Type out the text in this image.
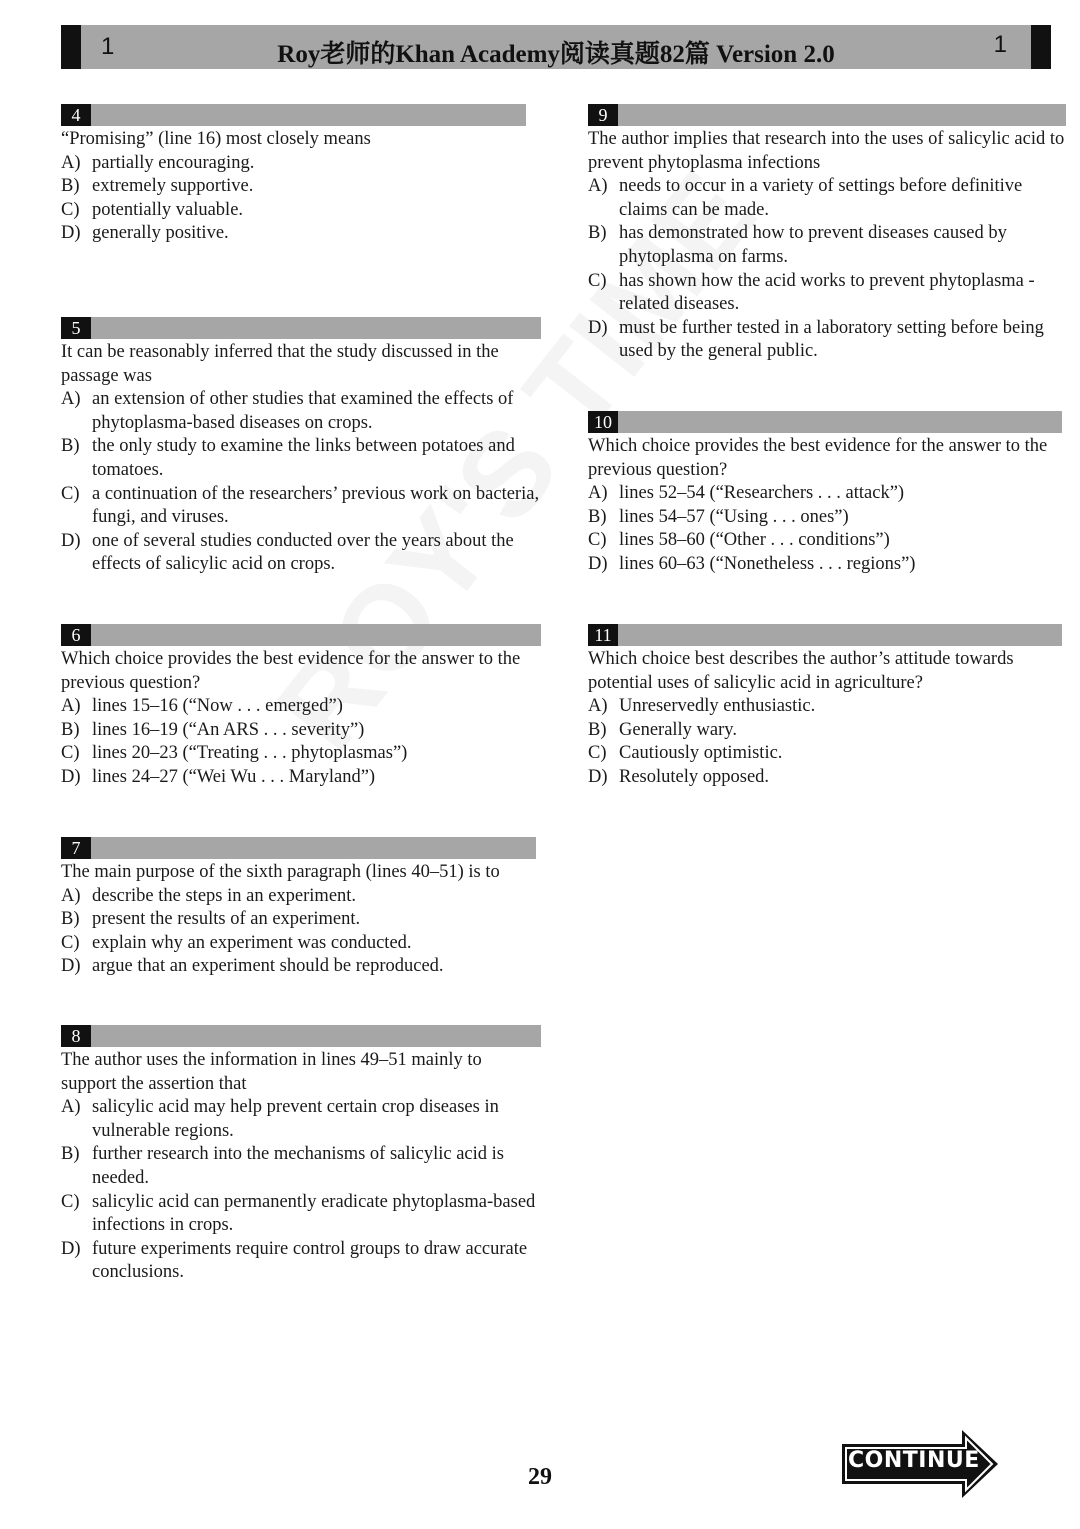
1	Roy老师的Khan Academy阅读真题82篇 Version 2.0	1
4

“Promising” (line 16) most closely means

A) partially encouraging.
B) extremely supportive.
C) potentially valuable.
D) generally positive.
5

It can be reasonably inferred that the study discussed in the passage was

A) an extension of other studies that examined the effects of phytoplasma-based diseases on crops.
B) the only study to examine the links between potatoes and tomatoes.
C) a continuation of the researchers’ previous work on bacteria, fungi, and viruses.
D) one of several studies conducted over the years about the effects of salicylic acid on crops.
6

Which choice provides the best evidence for the answer to the previous question?

A) lines 15–16 (“Now . . . emerged”)
B) lines 16–19 (“An ARS . . . severity”)
C) lines 20–23 (“Treating . . . phytoplasmas”)
D) lines 24–27 (“Wei Wu . . . Maryland”)
7

The main purpose of the sixth paragraph (lines 40–51) is to

A) describe the steps in an experiment.
B) present the results of an experiment.
C) explain why an experiment was conducted.
D) argue that an experiment should be reproduced.
8

The author uses the information in lines 49–51 mainly to support the assertion that

A) salicylic acid may help prevent certain crop diseases in vulnerable regions.
B) further research into the mechanisms of salicylic acid is needed.
C) salicylic acid can permanently eradicate phytoplasma-based infections in crops.
D) future experiments require control groups to draw accurate conclusions.
9

The author implies that research into the uses of salicylic acid to prevent phytoplasma infections

A) needs to occur in a variety of settings before definitive claims can be made.
B) has demonstrated how to prevent diseases caused by phytoplasma on farms.
C) has shown how the acid works to prevent phytoplasma -related diseases.
D) must be further tested in a laboratory setting before being used by the general public.
10

Which choice provides the best evidence for the answer to the previous question?

A) lines 52–54 (“Researchers . . . attack”)
B) lines 54–57 (“Using . . . ones”)
C) lines 58–60 (“Other . . . conditions”)
D) lines 60–63 (“Nonetheless . . . regions”)
11

Which choice best describes the author’s attitude towards potential uses of salicylic acid in agriculture?

A) Unreservedly enthusiastic.
B) Generally wary.
C) Cautiously optimistic.
D) Resolutely opposed.
29
CONTINUE
